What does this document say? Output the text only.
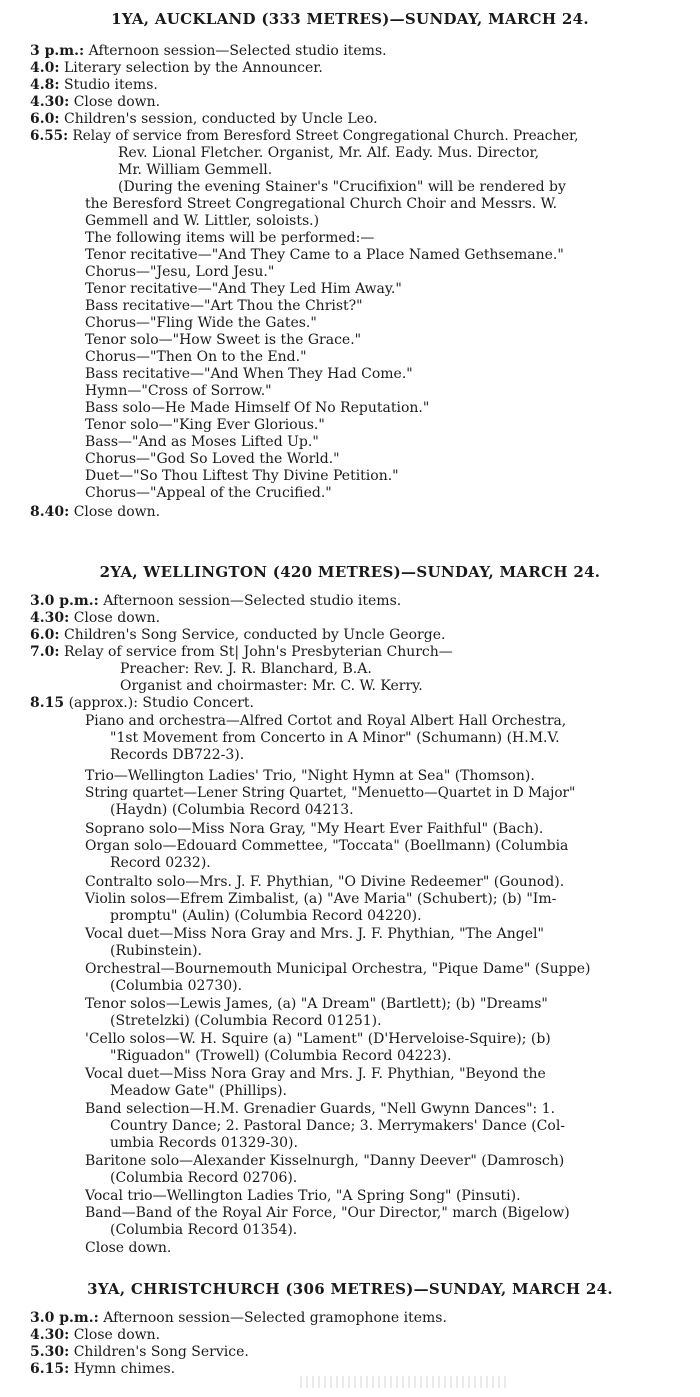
1YA, AUCKLAND (333 METRES)—SUNDAY, MARCH 24.
3 p.m.: Afternoon session—Selected studio items.
4.0: Literary selection by the Announcer.
4.8: Studio items.
4.30: Close down.
6.0: Children's session, conducted by Uncle Leo.
6.55: Relay of service from Beresford Street Congregational Church. Preacher,
Rev. Lional Fletcher. Organist, Mr. Alf. Eady. Mus. Director,
Mr. William Gemmell.
(During the evening Stainer's "Crucifixion" will be rendered by
the Beresford Street Congregational Church Choir and Messrs. W.
Gemmell and W. Littler, soloists.)
The following items will be performed:—
Tenor recitative—"And They Came to a Place Named Gethsemane."
Chorus—"Jesu, Lord Jesu."
Tenor recitative—"And They Led Him Away."
Bass recitative—"Art Thou the Christ?"
Chorus—"Fling Wide the Gates."
Tenor solo—"How Sweet is the Grace."
Chorus—"Then On to the End."
Bass recitative—"And When They Had Come."
Hymn—"Cross of Sorrow."
Bass solo—He Made Himself Of No Reputation."
Tenor solo—"King Ever Glorious."
Bass—"And as Moses Lifted Up."
Chorus—"God So Loved the World."
Duet—"So Thou Liftest Thy Divine Petition."
Chorus—"Appeal of the Crucified."
8.40: Close down.
2YA, WELLINGTON (420 METRES)—SUNDAY, MARCH 24.
3.0 p.m.: Afternoon session—Selected studio items.
4.30: Close down.
6.0: Children's Song Service, conducted by Uncle George.
7.0: Relay of service from St| John's Presbyterian Church—
Preacher: Rev. J. R. Blanchard, B.A.
Organist and choirmaster: Mr. C. W. Kerry.
8.15 (approx.): Studio Concert.
Piano and orchestra—Alfred Cortot and Royal Albert Hall Orchestra,
"1st Movement from Concerto in A Minor" (Schumann) (H.M.V.
Records DB722-3).
Trio—Wellington Ladies' Trio, "Night Hymn at Sea" (Thomson).
String quartet—Lener String Quartet, "Menuetto—Quartet in D Major"
(Haydn) (Columbia Record 04213.
Soprano solo—Miss Nora Gray, "My Heart Ever Faithful" (Bach).
Organ solo—Edouard Commettee, "Toccata" (Boellmann) (Columbia
Record 0232).
Contralto solo—Mrs. J. F. Phythian, "O Divine Redeemer" (Gounod).
Violin solos—Efrem Zimbalist, (a) "Ave Maria" (Schubert); (b) "Im-
promptu" (Aulin) (Columbia Record 04220).
Vocal duet—Miss Nora Gray and Mrs. J. F. Phythian, "The Angel"
(Rubinstein).
Orchestral—Bournemouth Municipal Orchestra, "Pique Dame" (Suppe)
(Columbia 02730).
Tenor solos—Lewis James, (a) "A Dream" (Bartlett); (b) "Dreams"
(Stretelzki) (Columbia Record 01251).
'Cello solos—W. H. Squire (a) "Lament" (D'Herveloise-Squire); (b)
"Riguadon" (Trowell) (Columbia Record 04223).
Vocal duet—Miss Nora Gray and Mrs. J. F. Phythian, "Beyond the
Meadow Gate" (Phillips).
Band selection—H.M. Grenadier Guards, "Nell Gwynn Dances": 1.
Country Dance; 2. Pastoral Dance; 3. Merrymakers' Dance (Col-
umbia Records 01329-30).
Baritone solo—Alexander Kisselnurgh, "Danny Deever" (Damrosch)
(Columbia Record 02706).
Vocal trio—Wellington Ladies Trio, "A Spring Song" (Pinsuti).
Band—Band of the Royal Air Force, "Our Director," march (Bigelow)
(Columbia Record 01354).
Close down.
3YA, CHRISTCHURCH (306 METRES)—SUNDAY, MARCH 24.
3.0 p.m.: Afternoon session—Selected gramophone items.
4.30: Close down.
5.30: Children's Song Service.
6.15: Hymn chimes.
